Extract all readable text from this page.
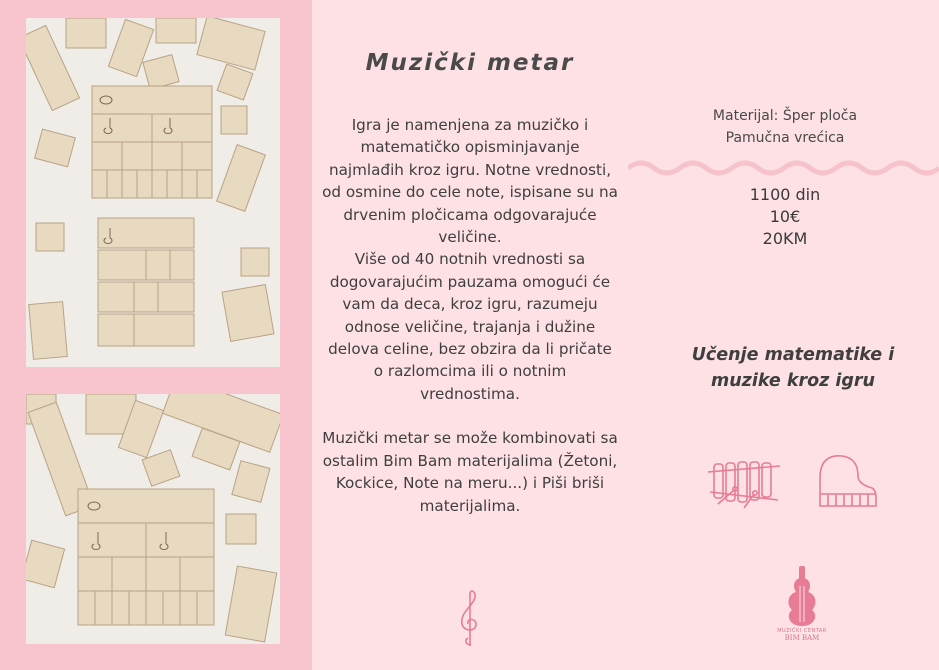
Muzički metar

Igra je namenjena za muzičko i matematičko opisminjavanje najmlađih kroz igru. Notne vrednosti, od osmine do cele note, ispisane su na drvenim pločicama odgovarajuće veličine.

Više od 40 notnih vrednosti sa dogovarajućim pauzama omogući će vam da deca, kroz igru, razumeju odnose veličine, trajanja i dužine delova celine, bez obzira da li pričate o razlomcima ili o notnim vrednostima.

Muzički metar se može kombinovati sa ostalim Bim Bam materijalima (Žetoni, Kockice, Note na meru...) i Piši briši materijalima.

Materijal: Šper ploča
Pamučna vrećica
1100 din
10€
20KM
Učenje matematike i muzike kroz igru
MUZIČKI CENTAR
BIM BAM
